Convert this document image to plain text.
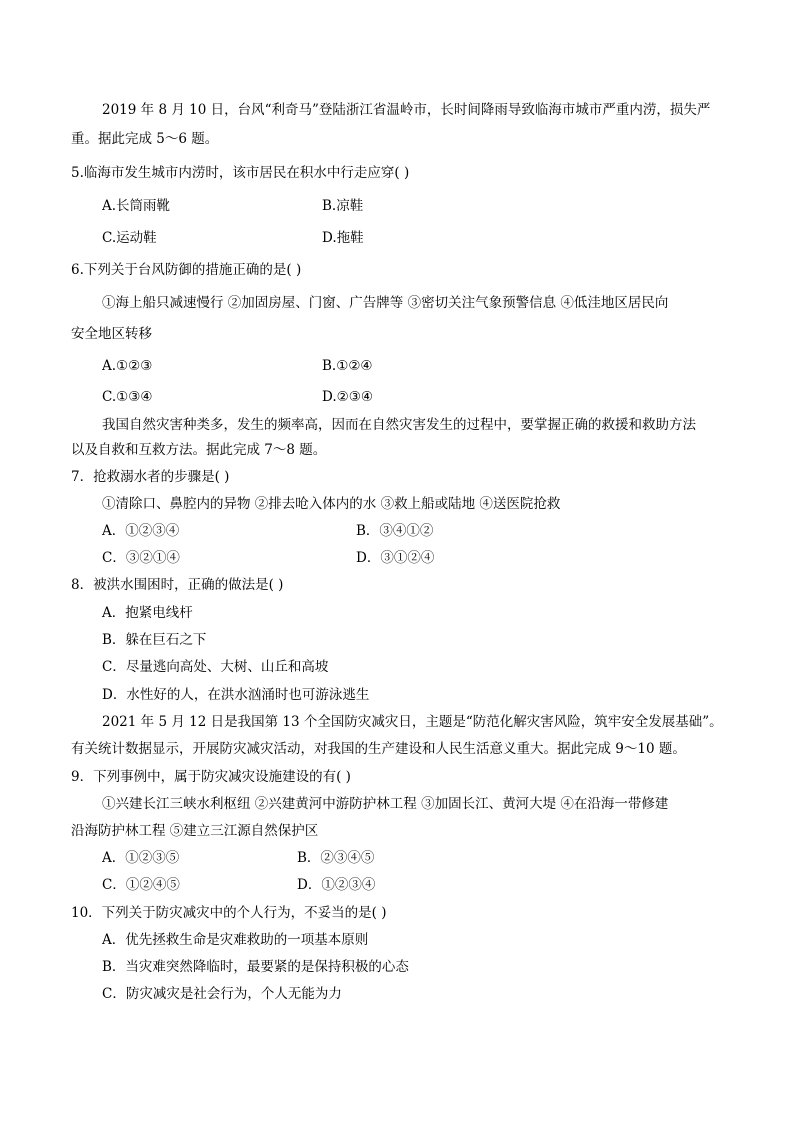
2019 年 8 月 10 日，台风“利奇马”登陆浙江省温岭市，长时间降雨导致临海市城市严重内涝，损失严
重。据此完成 5～6 题。
5.临海市发生城市内涝时，该市居民在积水中行走应穿( )
A.长筒雨靴	B.凉鞋
C.运动鞋	D.拖鞋
6.下列关于台风防御的措施正确的是( )
①海上船只减速慢行 ②加固房屋、门窗、广告牌等 ③密切关注气象预警信息 ④低洼地区居民向
安全地区转移
A.①②③	B.①②④
C.①③④	D.②③④
我国自然灾害种类多，发生的频率高，因而在自然灾害发生的过程中，要掌握正确的救援和救助方法
以及自救和互救方法。据此完成 7～8 题。
7．抢救溺水者的步骤是( )
①清除口、鼻腔内的异物 ②排去呛入体内的水 ③救上船或陆地 ④送医院抢救
A．①②③④	B．③④①②
C．③②①④	D．③①②④
8．被洪水围困时，正确的做法是( )
A．抱紧电线杆
B．躲在巨石之下
C．尽量逃向高处、大树、山丘和高坡
D．水性好的人，在洪水汹涌时也可游泳逃生
2021 年 5 月 12 日是我国第 13 个全国防灾减灾日，主题是“防范化解灾害风险，筑牢安全发展基础”。
有关统计数据显示，开展防灾减灾活动，对我国的生产建设和人民生活意义重大。据此完成 9～10 题。
9．下列事例中，属于防灾减灾设施建设的有( )
①兴建长江三峡水利枢纽 ②兴建黄河中游防护林工程 ③加固长江、黄河大堤 ④在沿海一带修建
沿海防护林工程 ⑤建立三江源自然保护区
A．①②③⑤	B．②③④⑤
C．①②④⑤	D．①②③④
10．下列关于防灾减灾中的个人行为，不妥当的是( )
A．优先拯救生命是灾难救助的一项基本原则
B．当灾难突然降临时，最要紧的是保持积极的心态
C．防灾减灾是社会行为，个人无能为力
